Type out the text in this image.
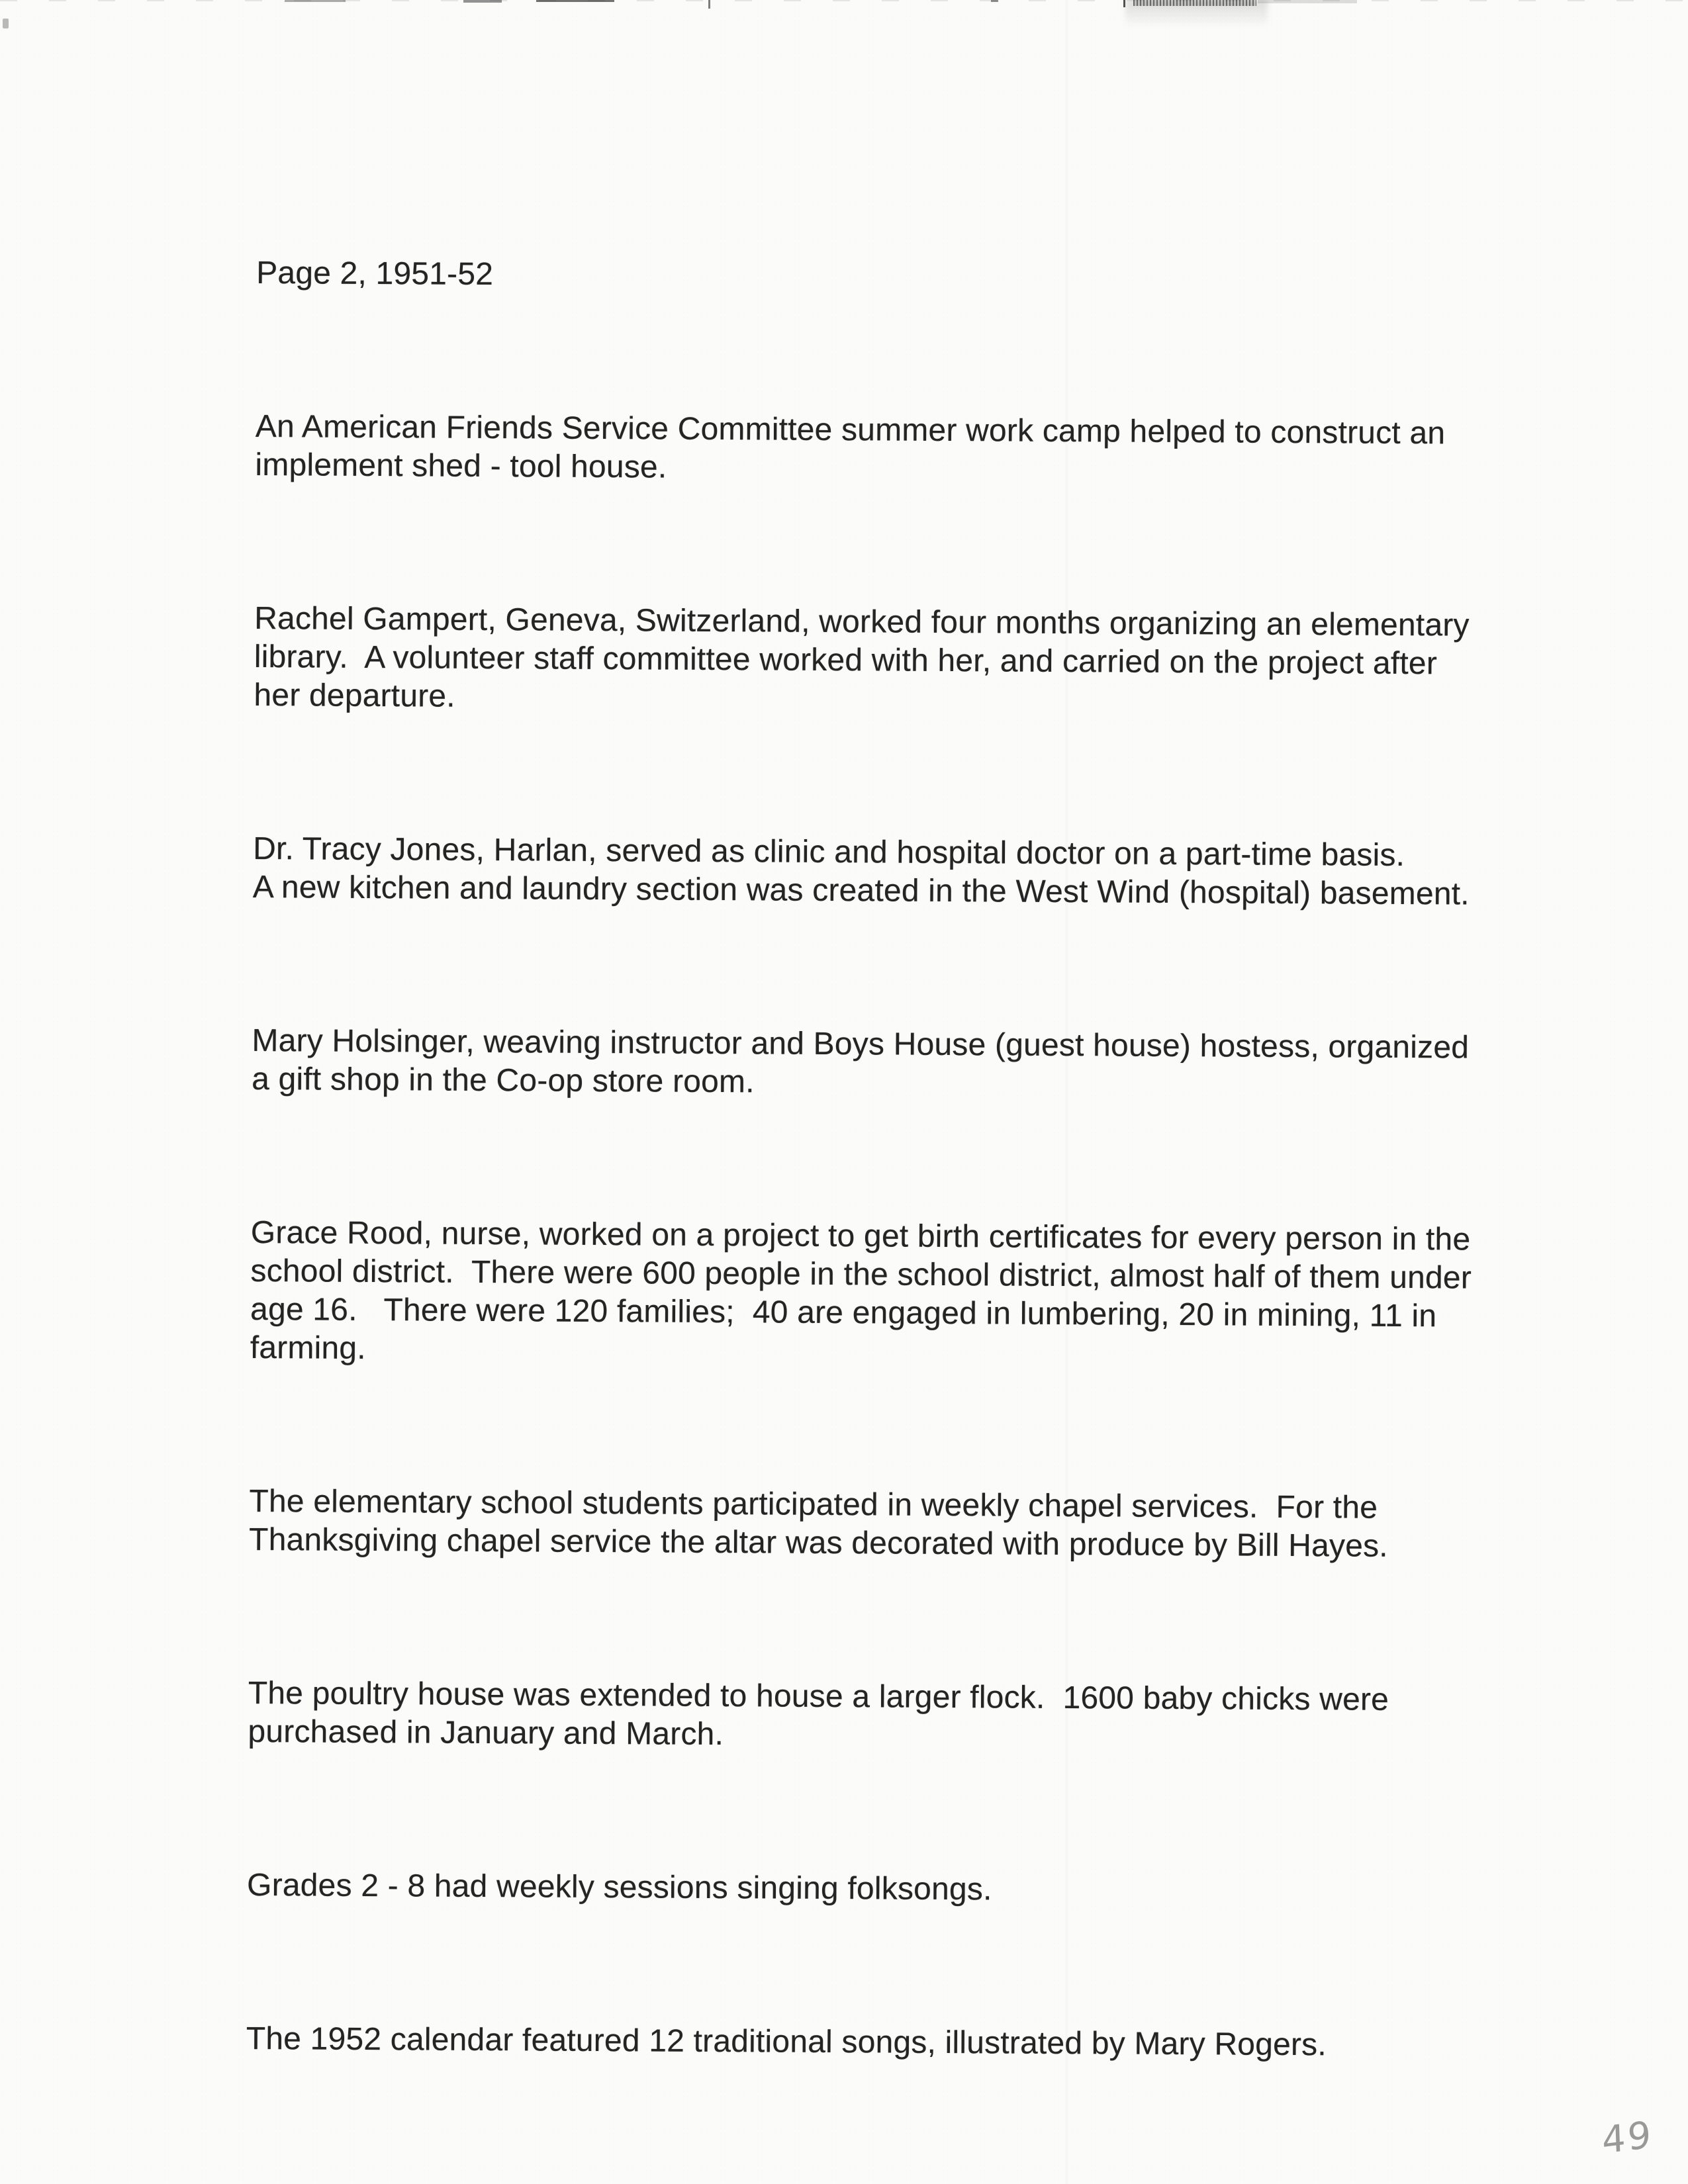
Page 2, 1951-52

An American Friends Service Committee summer work camp helped to construct an
implement shed - tool house.

Rachel Gampert, Geneva, Switzerland, worked four months organizing an elementary
library.  A volunteer staff committee worked with her, and carried on the project after
her departure.

Dr. Tracy Jones, Harlan, served as clinic and hospital doctor on a part-time basis.
A new kitchen and laundry section was created in the West Wind (hospital) basement.

Mary Holsinger, weaving instructor and Boys House (guest house) hostess, organized
a gift shop in the Co-op store room.

Grace Rood, nurse, worked on a project to get birth certificates for every person in the
school district.  There were 600 people in the school district, almost half of them under
age 16.   There were 120 families;  40 are engaged in lumbering, 20 in mining, 11 in
farming.

The elementary school students participated in weekly chapel services.  For the
Thanksgiving chapel service the altar was decorated with produce by Bill Hayes.

The poultry house was extended to house a larger flock.  1600 baby chicks were
purchased in January and March.

Grades 2 - 8 had weekly sessions singing folksongs.

The 1952 calendar featured 12 traditional songs, illustrated by Mary Rogers.

49
